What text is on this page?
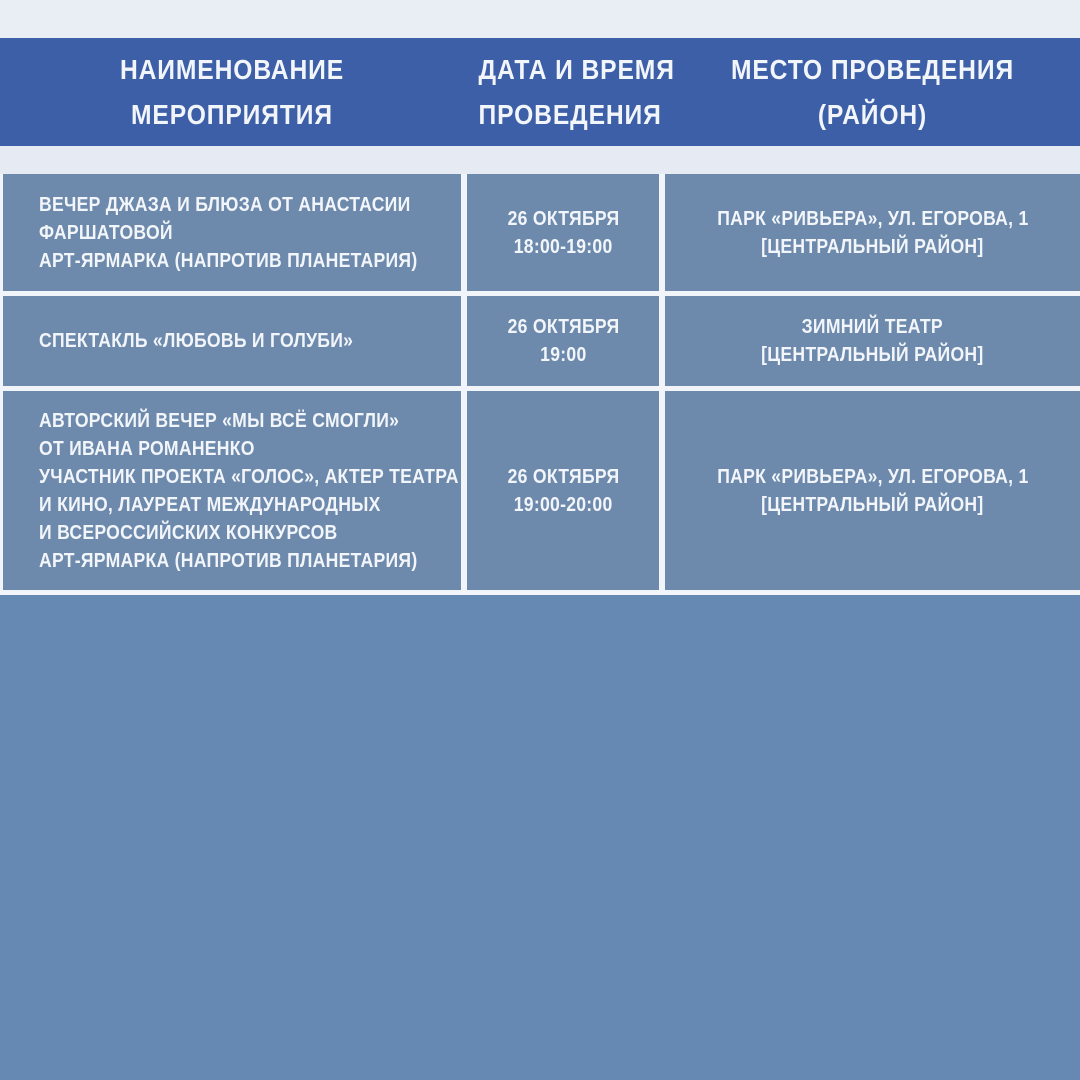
НАИМЕНОВАНИЕ
МЕРОПРИЯТИЯ
ДАТА И ВРЕМЯ
ПРОВЕДЕНИЯ
МЕСТО ПРОВЕДЕНИЯ
(РАЙОН)
ВЕЧЕР ДЖАЗА И БЛЮЗА ОТ АНАСТАСИИ
ФАРШАТОВОЙ
АРТ-ЯРМАРКА (НАПРОТИВ ПЛАНЕТАРИЯ)
26 ОКТЯБРЯ
18:00-19:00
ПАРК «РИВЬЕРА», УЛ. ЕГОРОВА, 1
[ЦЕНТРАЛЬНЫЙ РАЙОН]
СПЕКТАКЛЬ «ЛЮБОВЬ И ГОЛУБИ»
26 ОКТЯБРЯ
19:00
ЗИМНИЙ ТЕАТР
[ЦЕНТРАЛЬНЫЙ РАЙОН]
АВТОРСКИЙ ВЕЧЕР «МЫ ВСЁ СМОГЛИ»
ОТ ИВАНА РОМАНЕНКО
УЧАСТНИК ПРОЕКТА «ГОЛОС», АКТЕР ТЕАТРА
И КИНО, ЛАУРЕАТ МЕЖДУНАРОДНЫХ
И ВСЕРОССИЙСКИХ КОНКУРСОВ
АРТ-ЯРМАРКА (НАПРОТИВ ПЛАНЕТАРИЯ)
26 ОКТЯБРЯ
19:00-20:00
ПАРК «РИВЬЕРА», УЛ. ЕГОРОВА, 1
[ЦЕНТРАЛЬНЫЙ РАЙОН]
